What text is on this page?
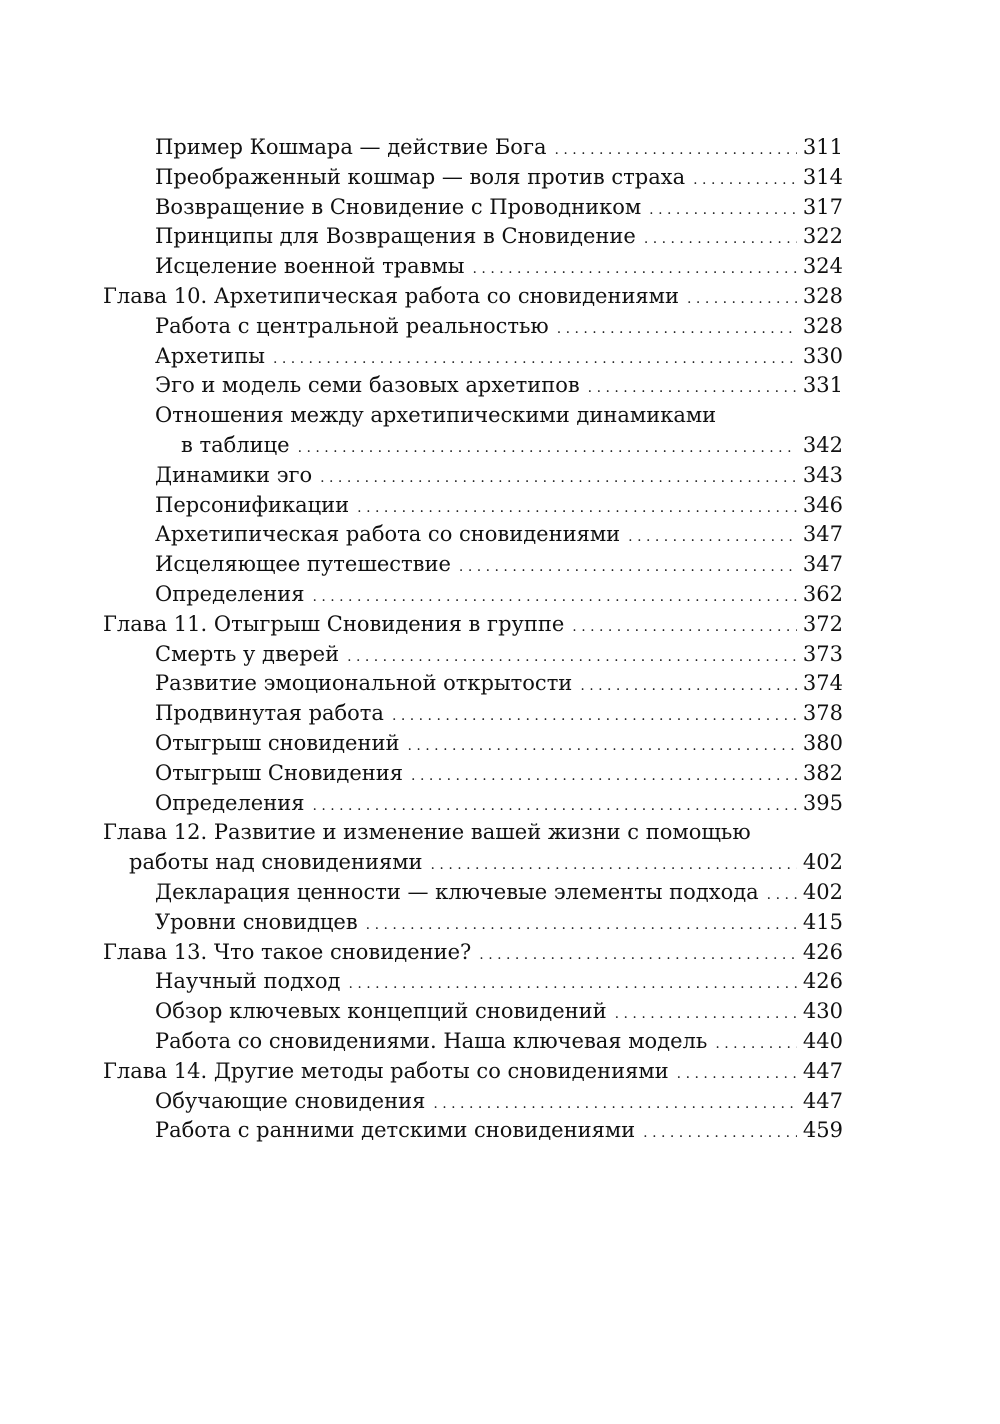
Пример Кошмара — действие Бога . . .	311
Преображенный кошмар — воля против страха . . .	314
Возвращение в Сновидение с Проводником . . .	317
Принципы для Возвращения в Сновидение . . .	322
Исцеление военной травмы . . .	324
Глава 10. Архетипическая работа со сновидениями . . .	328
Работа с центральной реальностью . . .	328
Архетипы . . .	330
Эго и модель семи базовых архетипов . . .	331
Отношения между архетипическими динамиками
в таблице . . .	342
Динамики эго . . .	343
Персонификации . . .	346
Архетипическая работа со сновидениями . . .	347
Исцеляющее путешествие . . .	347
Определения . . .	362
Глава 11. Отыгрыш Сновидения в группе . . .	372
Смерть у дверей . . .	373
Развитие эмоциональной открытости . . .	374
Продвинутая работа . . .	378
Отыгрыш сновидений . . .	380
Отыгрыш Сновидения . . .	382
Определения . . .	395
Глава 12. Развитие и изменение вашей жизни с помощью
работы над сновидениями . . .	402
Декларация ценности — ключевые элементы подхода . . . 402
Уровни сновидцев . . .	415
Глава 13. Что такое сновидение? . . .	426
Научный подход . . .	426
Обзор ключевых концепций сновидений . . .	430
Работа со сновидениями. Наша ключевая модель . . .	440
Глава 14. Другие методы работы со сновидениями . . .	447
Обучающие сновидения . . .	447
Работа с ранними детскими сновидениями . . .	459
